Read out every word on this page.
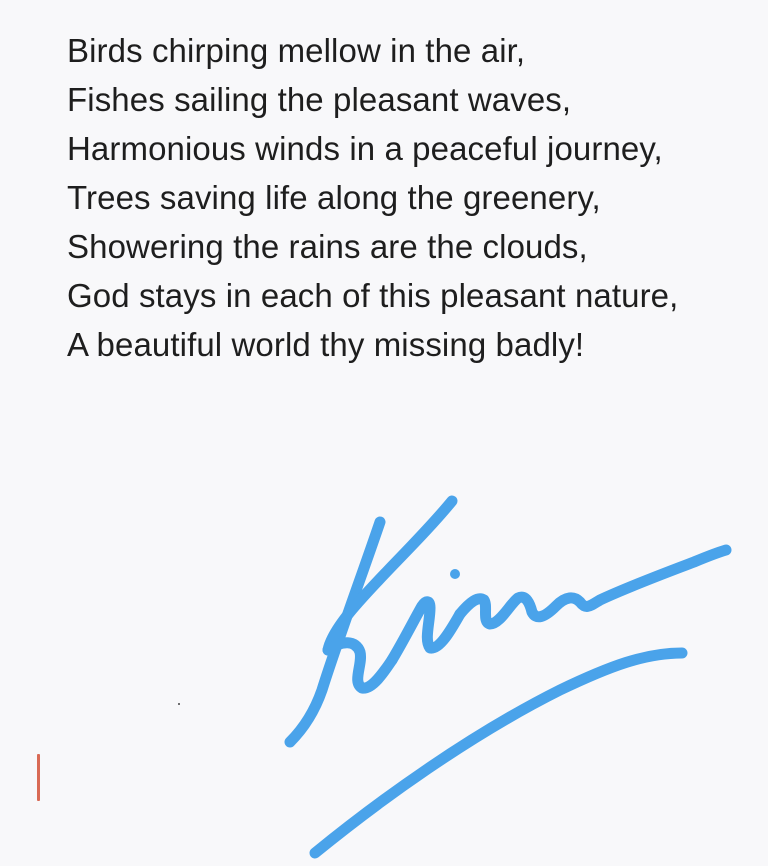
Birds chirping mellow in the air,
Fishes sailing the pleasant waves,
Harmonious winds in a peaceful journey,
Trees saving life along the greenery,
Showering the rains are the clouds,
God stays in each of this pleasant nature,
A beautiful world thy missing badly!
